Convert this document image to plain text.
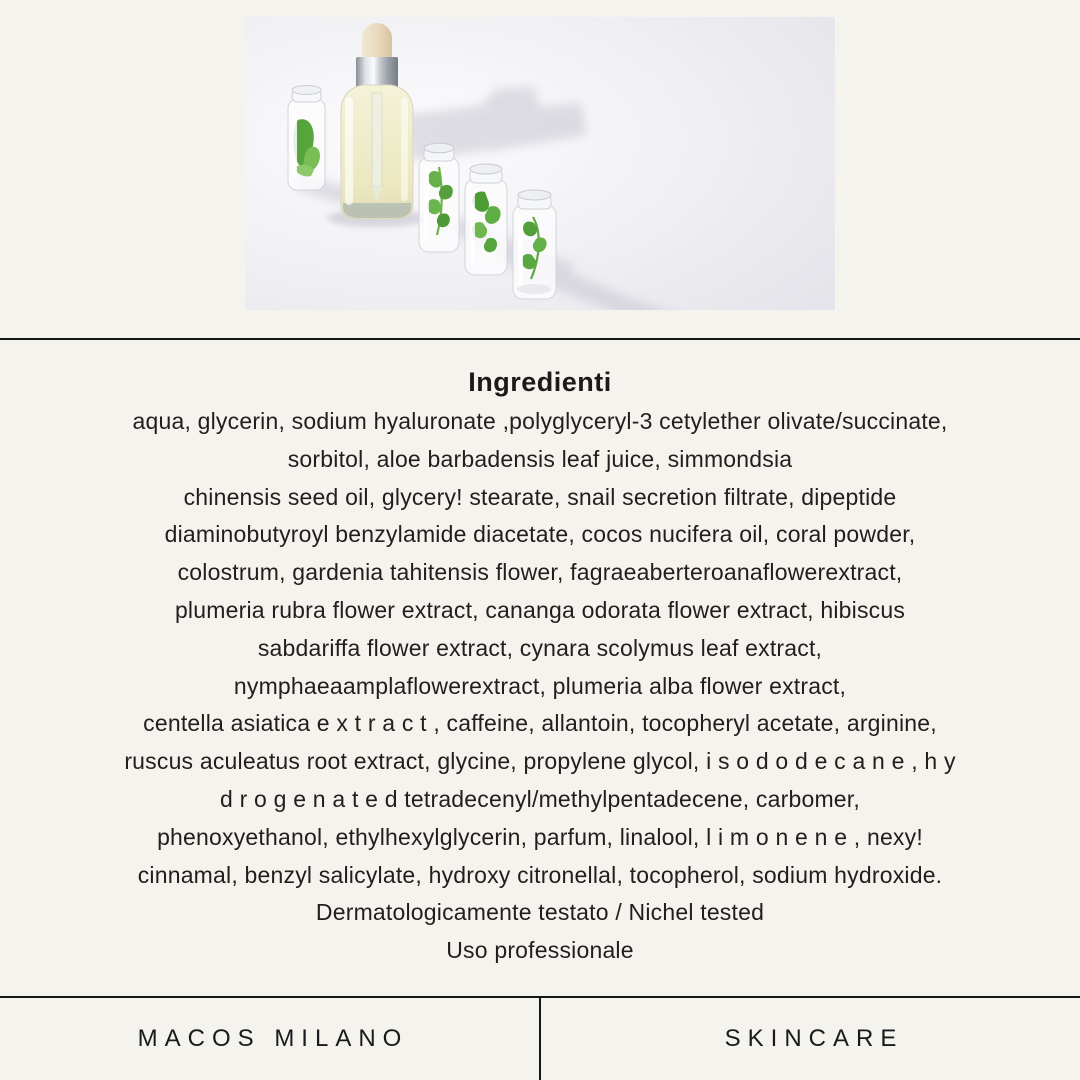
Ingredienti
aqua, glycerin, sodium hyaluronate ,polyglyceryl-3 cetylether olivate/succinate,
sorbitol, aloe barbadensis leaf juice, simmondsia
chinensis seed oil, glycery! stearate, snail secretion filtrate, dipeptide
diaminobutyroyl benzylamide diacetate, cocos nucifera oil, coral powder,
colostrum, gardenia tahitensis flower, fagraeaberteroanaflowerextract,
plumeria rubra flower extract, cananga odorata flower extract, hibiscus
sabdariffa flower extract, cynara scolymus leaf extract,
nymphaeaamplaflowerextract, plumeria alba flower extract,
centella asiatica e x t r a c t , caffeine, allantoin, tocopheryl acetate, arginine,
ruscus aculeatus root extract, glycine, propylene glycol, i s o d o d e c a n e , h y
d r o g e n a t e d tetradecenyl/methylpentadecene, carbomer,
phenoxyethanol, ethylhexylglycerin, parfum, linalool, l i m o n e n e , nexy!
cinnamal, benzyl salicylate, hydroxy citronellal, tocopherol, sodium hydroxide.
Dermatologicamente testato / Nichel tested
Uso professionale
MACOS MILANO	SKINCARE
